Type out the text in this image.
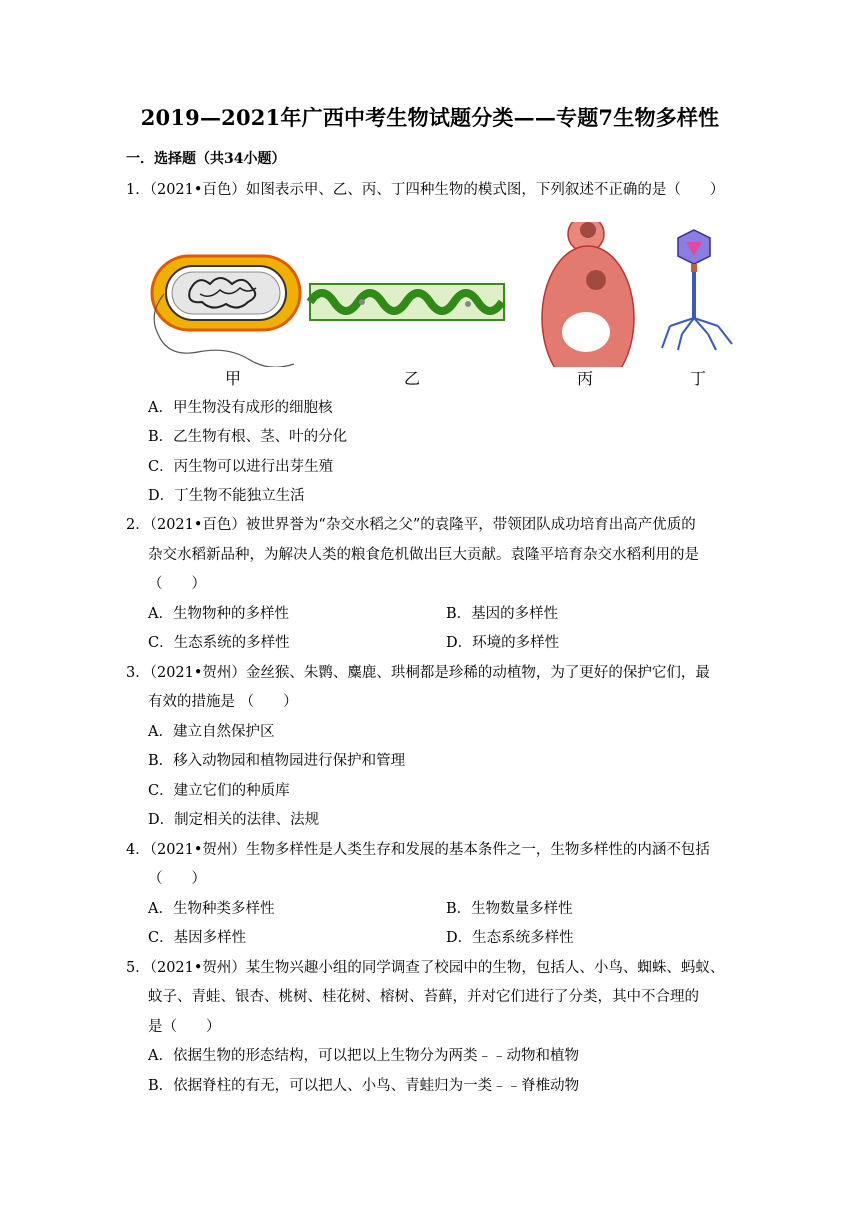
2019—2021年广西中考生物试题分类——专题7生物多样性
一．选择题（共34小题）
1．（2021•百色）如图表示甲、乙、丙、丁四种生物的模式图，下列叙述不正确的是（　　）
甲	乙	丙	丁
A．甲生物没有成形的细胞核
B．乙生物有根、茎、叶的分化
C．丙生物可以进行出芽生殖
D．丁生物不能独立生活
2．（2021•百色）被世界誉为“杂交水稻之父”的袁隆平，带领团队成功培育出高产优质的
杂交水稻新品种，为解决人类的粮食危机做出巨大贡献。袁隆平培育杂交水稻利用的是
（　　）
A．生物物种的多样性	B．基因的多样性
C．生态系统的多样性	D．环境的多样性
3．（2021•贺州）金丝猴、朱鹮、麋鹿、珙桐都是珍稀的动植物，为了更好的保护它们，最
有效的措施是 （　　）
A．建立自然保护区
B．移入动物园和植物园进行保护和管理
C．建立它们的种质库
D．制定相关的法律、法规
4．（2021•贺州）生物多样性是人类生存和发展的基本条件之一，生物多样性的内涵不包括
（　　）
A．生物种类多样性	B．生物数量多样性
C．基因多样性	D．生态系统多样性
5．（2021•贺州）某生物兴趣小组的同学调查了校园中的生物，包括人、小鸟、蜘蛛、蚂蚁、
蚊子、青蛙、银杏、桃树、桂花树、榕树、苔藓，并对它们进行了分类，其中不合理的
是（　　）
A．依据生物的形态结构，可以把以上生物分为两类﹣﹣动物和植物
B．依据脊柱的有无，可以把人、小鸟、青蛙归为一类﹣﹣脊椎动物
